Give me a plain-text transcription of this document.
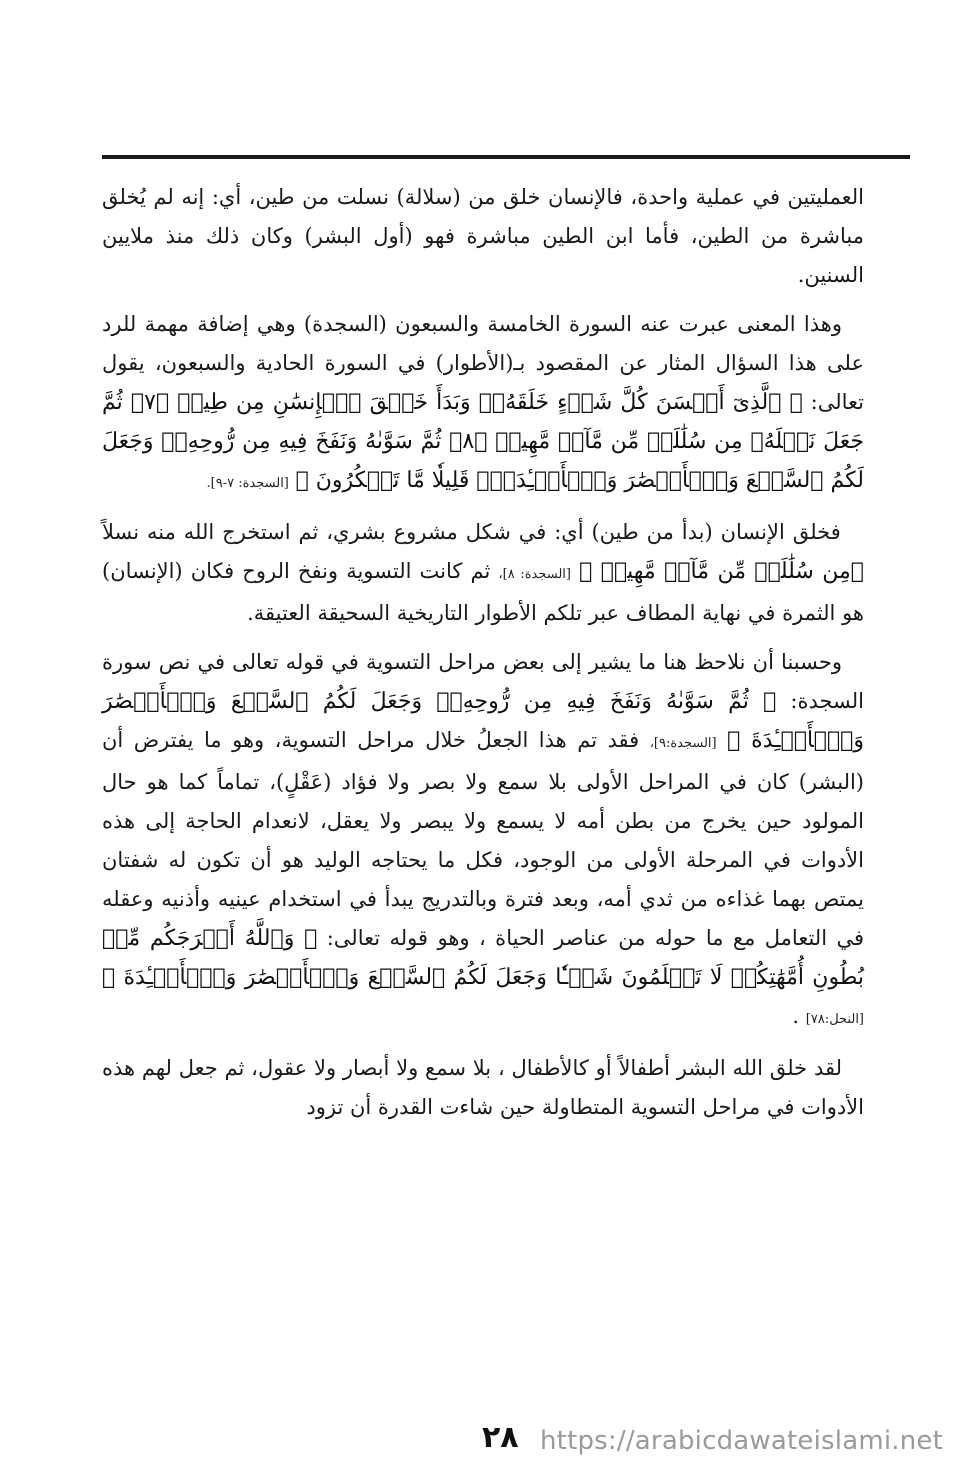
العمليتين في عملية واحدة، فالإنسان خلق من (سلالة) نسلت من طين، أي: إنه لم يُخلق مباشرة من الطين، فأما ابن الطين مباشرة فهو (أول البشر) وكان ذلك منذ ملايين السنين.

وهذا المعنى عبرت عنه السورة الخامسة والسبعون (السجدة) وهي إضافة مهمة للرد على هذا السؤال المثار عن المقصود بـ(الأطوار) في السورة الحادية والسبعون، يقول تعالى: ﴿ ٱلَّذِىٓ أَحۡسَنَ كُلَّ شَيۡءٍ خَلَقَهُۥۖ وَبَدَأَ خَلۡقَ ٱلۡإِنسَٰنِ مِن طِينٖ ﴿٧﴾ ثُمَّ جَعَلَ نَسۡلَهُۥ مِن سُلَٰلَةٖ مِّن مَّآءٖ مَّهِينٖ ﴿٨﴾ ثُمَّ سَوَّىٰهُ وَنَفَخَ فِيهِ مِن رُّوحِهِۦۖ وَجَعَلَ لَكُمُ ٱلسَّمۡعَ وَٱلۡأَبۡصَٰرَ وَٱلۡأَفۡـِٔدَةَۚ قَلِيلٗا مَّا تَشۡكُرُونَ ﴾ [السجدة: ٧-٩].

فخلق الإنسان (بدأ من طين) أي: في شكل مشروع بشري، ثم استخرج الله منه نسلاً ﴿مِن سُلَٰلَةٖ مِّن مَّآءٖ مَّهِينٖ ﴾ [السجدة: ٨]، ثم كانت التسوية ونفخ الروح فكان (الإنسان) هو الثمرة في نهاية المطاف عبر تلكم الأطوار التاريخية السحيقة العتيقة.

وحسبنا أن نلاحظ هنا ما يشير إلى بعض مراحل التسوية في قوله تعالى في نص سورة السجدة: ﴿ ثُمَّ سَوَّىٰهُ وَنَفَخَ فِيهِ مِن رُّوحِهِۦۖ وَجَعَلَ لَكُمُ ٱلسَّمۡعَ وَٱلۡأَبۡصَٰرَ وَٱلۡأَفۡـِٔدَةَ ﴾ [السجدة:٩]، فقد تم هذا الجعلُ خلال مراحل التسوية، وهو ما يفترض أن (البشر) كان في المراحل الأولى بلا سمع ولا بصر ولا فؤاد (عَقْلٍ)، تماماً كما هو حال المولود حين يخرج من بطن أمه لا يسمع ولا يبصر ولا يعقل، لانعدام الحاجة إلى هذه الأدوات في المرحلة الأولى من الوجود، فكل ما يحتاجه الوليد هو أن تكون له شفتان يمتص بهما غذاءه من ثدي أمه، وبعد فترة وبالتدريج يبدأ في استخدام عينيه وأذنيه وعقله في التعامل مع ما حوله من عناصر الحياة ، وهو قوله تعالى: ﴿ وَٱللَّهُ أَخۡرَجَكُم مِّنۢ بُطُونِ أُمَّهَٰتِكُمۡ لَا تَعۡلَمُونَ شَيۡـٔٗا وَجَعَلَ لَكُمُ ٱلسَّمۡعَ وَٱلۡأَبۡصَٰرَ وَٱلۡأَفۡـِٔدَةَ ﴾ [النحل:٧٨] .

لقد خلق الله البشر أطفالاً أو كالأطفال ، بلا سمع ولا أبصار ولا عقول، ثم جعل لهم هذه الأدوات في مراحل التسوية المتطاولة حين شاءت القدرة أن تزود

٢٨ https://arabicdawateislami.net
